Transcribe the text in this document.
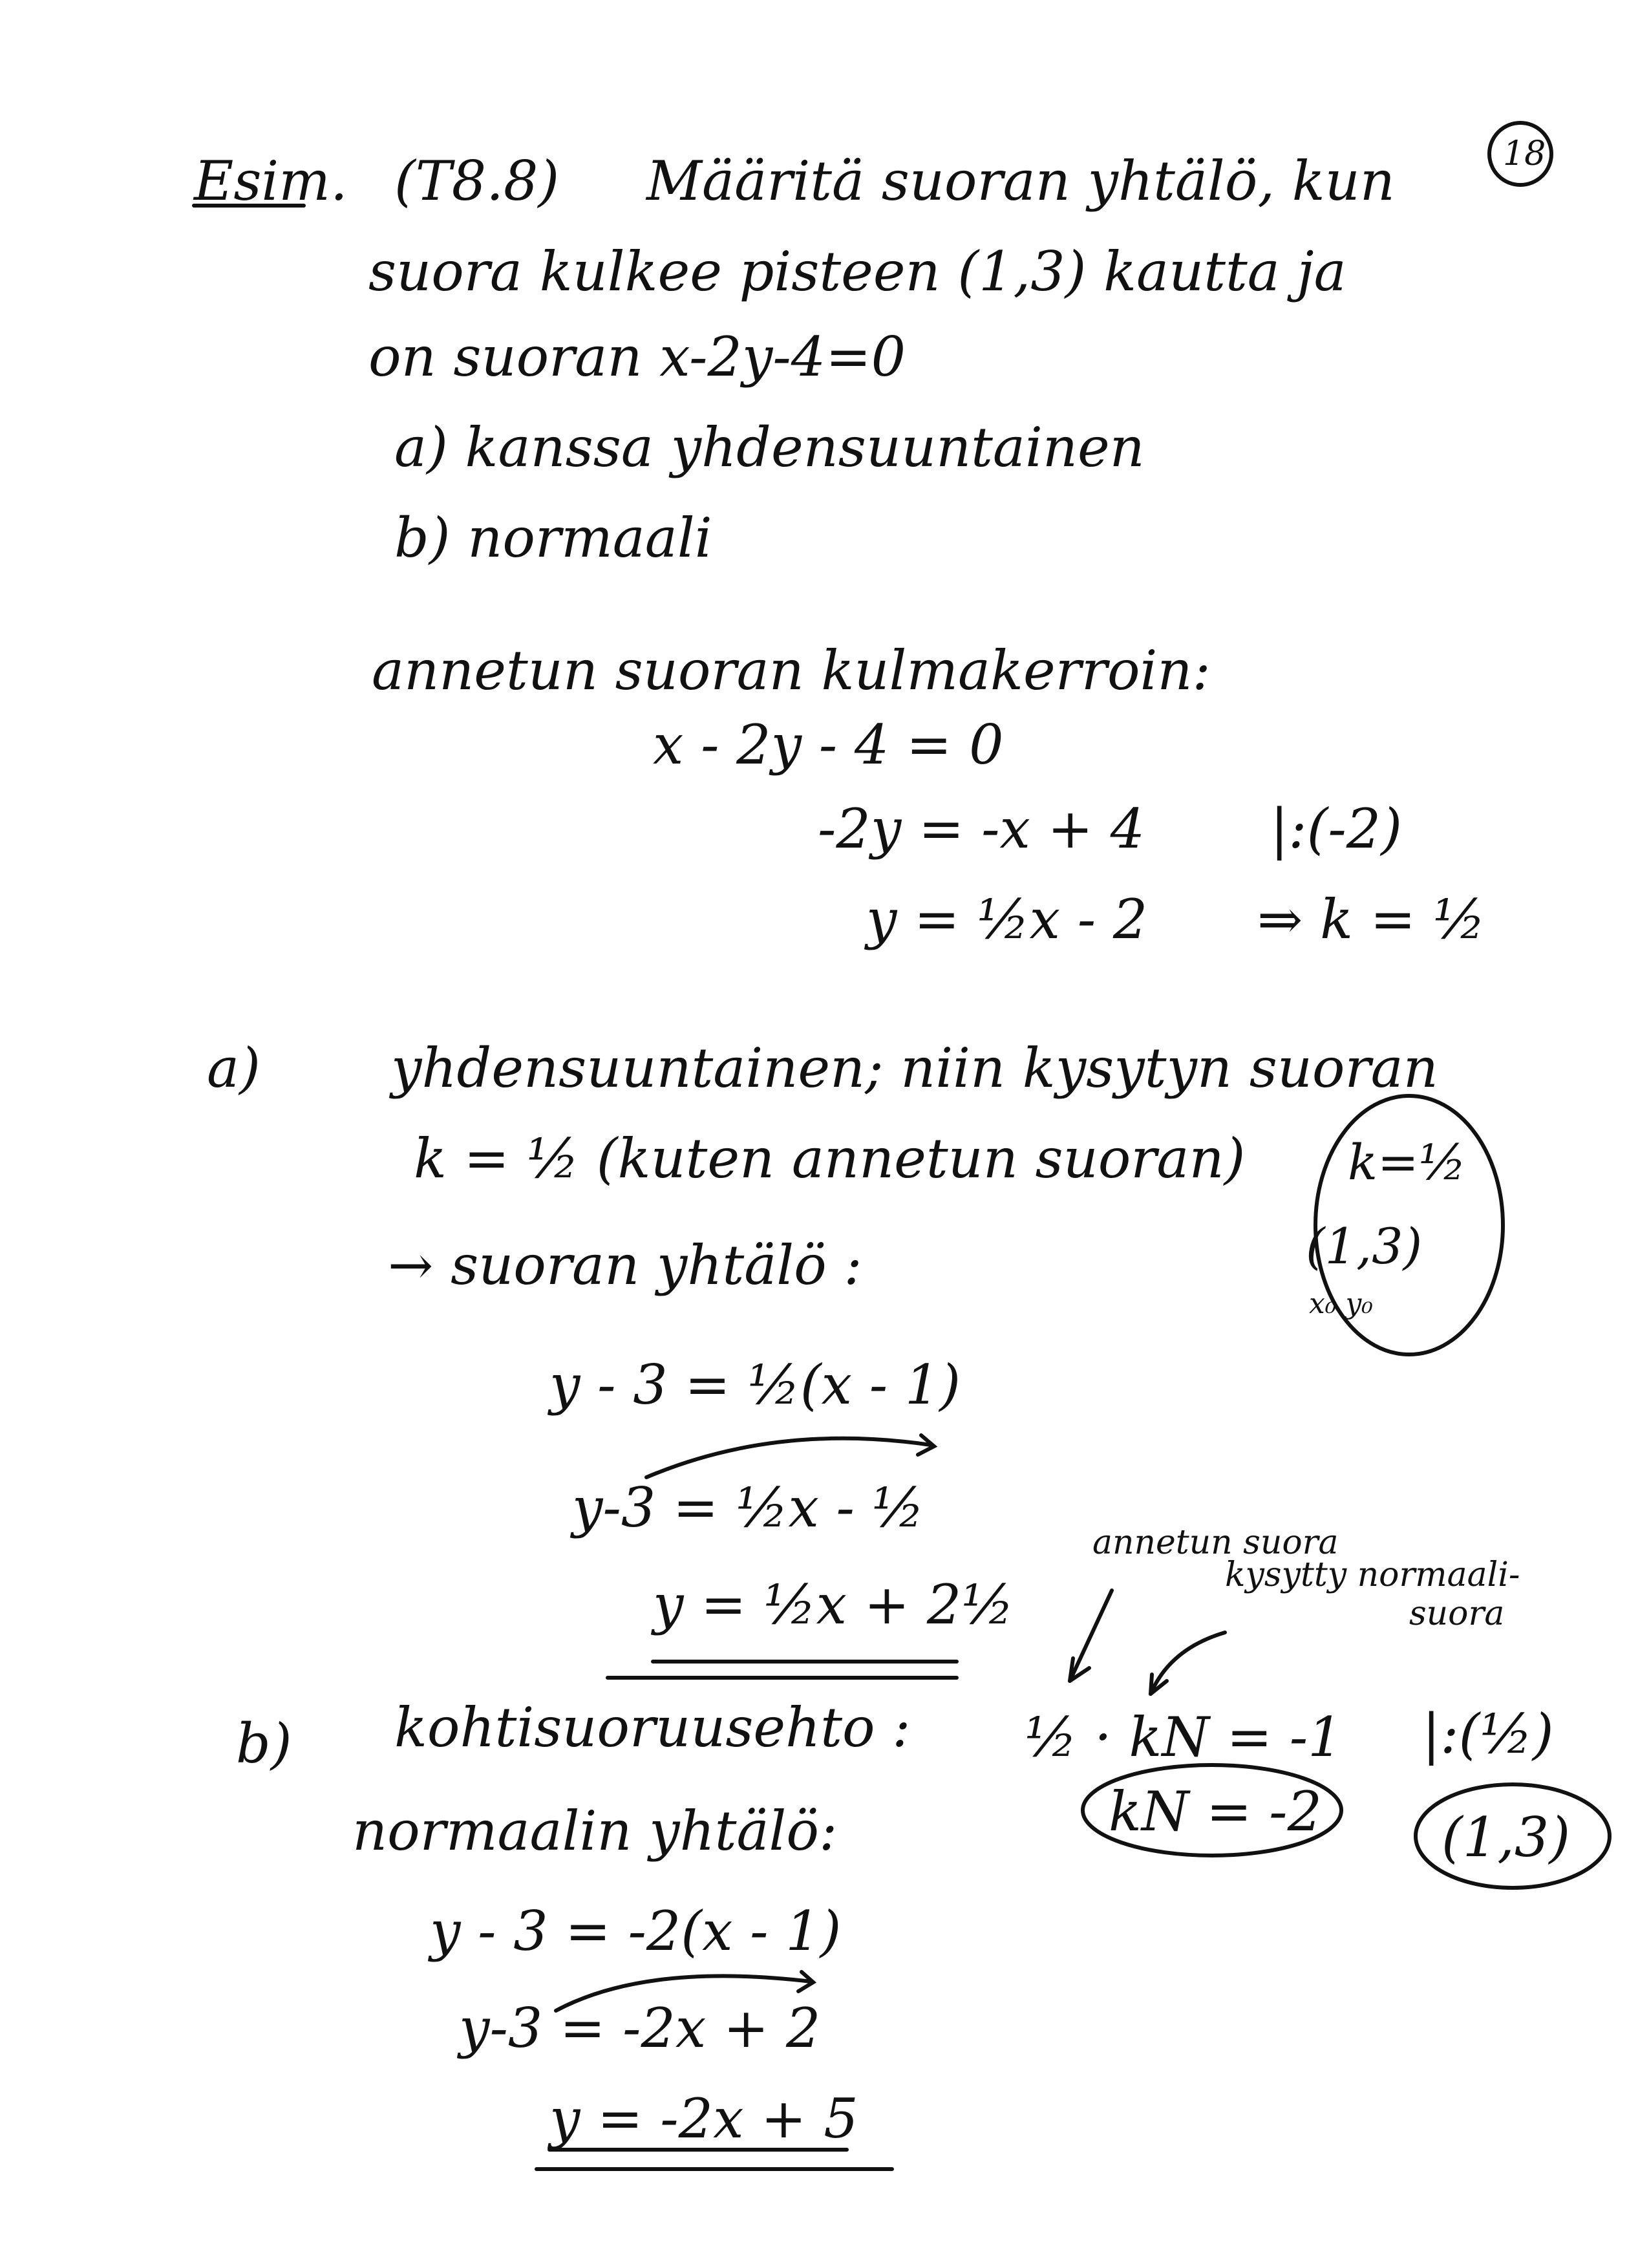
Esim. (T8.8) Määritä suoran yhtälö, kun	18
suora kulkee pisteen (1,3) kautta ja
on suoran x-2y-4=0
a) kanssa yhdensuuntainen
b) normaali
annetun suoran kulmakerroin:
x - 2y - 4 = 0
-2y = -x + 4 |:(-2)
y = ½x - 2 ⇒ k = ½
a) yhdensuuntainen; niin kysytyn suoran
k = ½ (kuten annetun suoran) k=½
(1,3)
x₀ y₀
→ suoran yhtälö :
y - 3 = ½(x - 1)
y-3 = ½x - ½
y = ½x + 2½
annetun suora
kysytty normaali-
suora
b) kohtisuoruusehto : ½ · kN = -1 |:(½)
kN = -2 (1,3)
normaalin yhtälö:
y - 3 = -2(x - 1)
y-3 = -2x + 2
y = -2x + 5
